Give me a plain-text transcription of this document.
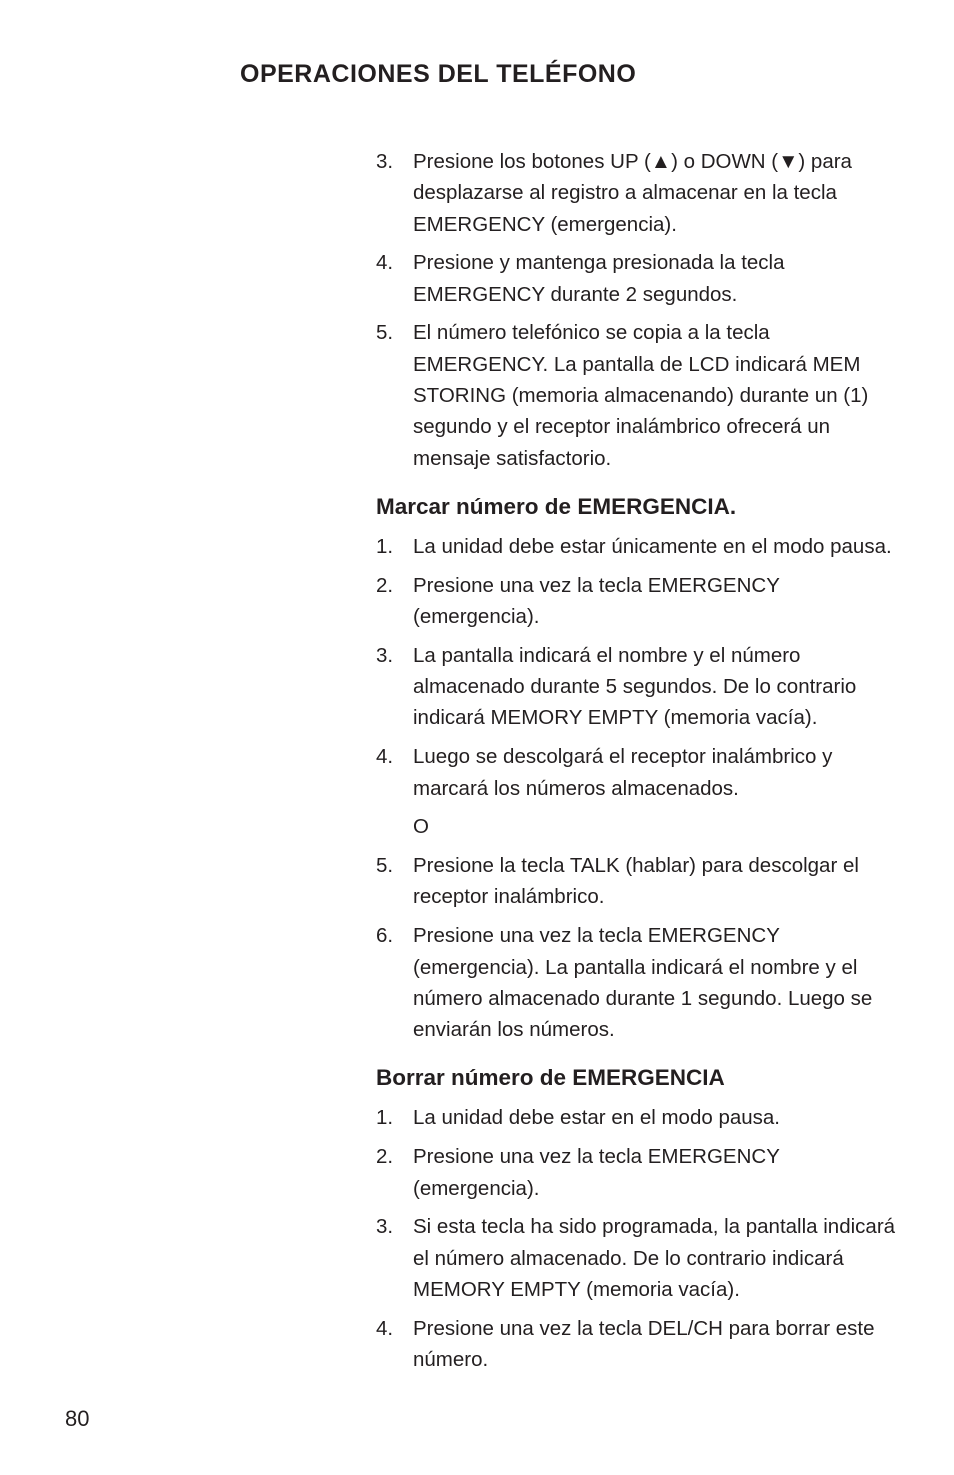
OPERACIONES DEL TELÉFONO
3. Presione los botones UP (▲) o DOWN (▼) para desplazarse al registro a almacenar en la tecla EMERGENCY (emergencia).
4. Presione y mantenga presionada la tecla EMERGENCY durante 2 segundos.
5. El número telefónico se copia a la tecla EMERGENCY. La pantalla de LCD indicará MEM STORING (memoria almacenando) durante un (1) segundo y el receptor inalámbrico ofrecerá un mensaje satisfactorio.
Marcar número de EMERGENCIA.
1. La unidad debe estar únicamente en el modo pausa.
2. Presione una vez la tecla EMERGENCY (emergencia).
3. La pantalla indicará el nombre y el número almacenado durante 5 segundos. De lo contrario indicará MEMORY EMPTY (memoria vacía).
4. Luego se descolgará el receptor inalámbrico y marcará los números almacenados.
O
5. Presione la tecla TALK (hablar) para descolgar el receptor inalámbrico.
6. Presione una vez la tecla EMERGENCY (emergencia). La pantalla indicará el nombre y el número almacenado durante 1 segundo. Luego se enviarán los números.
Borrar número de EMERGENCIA
1. La unidad debe estar en el modo pausa.
2. Presione una vez la tecla EMERGENCY (emergencia).
3. Si esta tecla ha sido programada, la pantalla indicará el número almacenado. De lo contrario indicará MEMORY EMPTY (memoria vacía).
4. Presione una vez la tecla DEL/CH para borrar este número.
80
